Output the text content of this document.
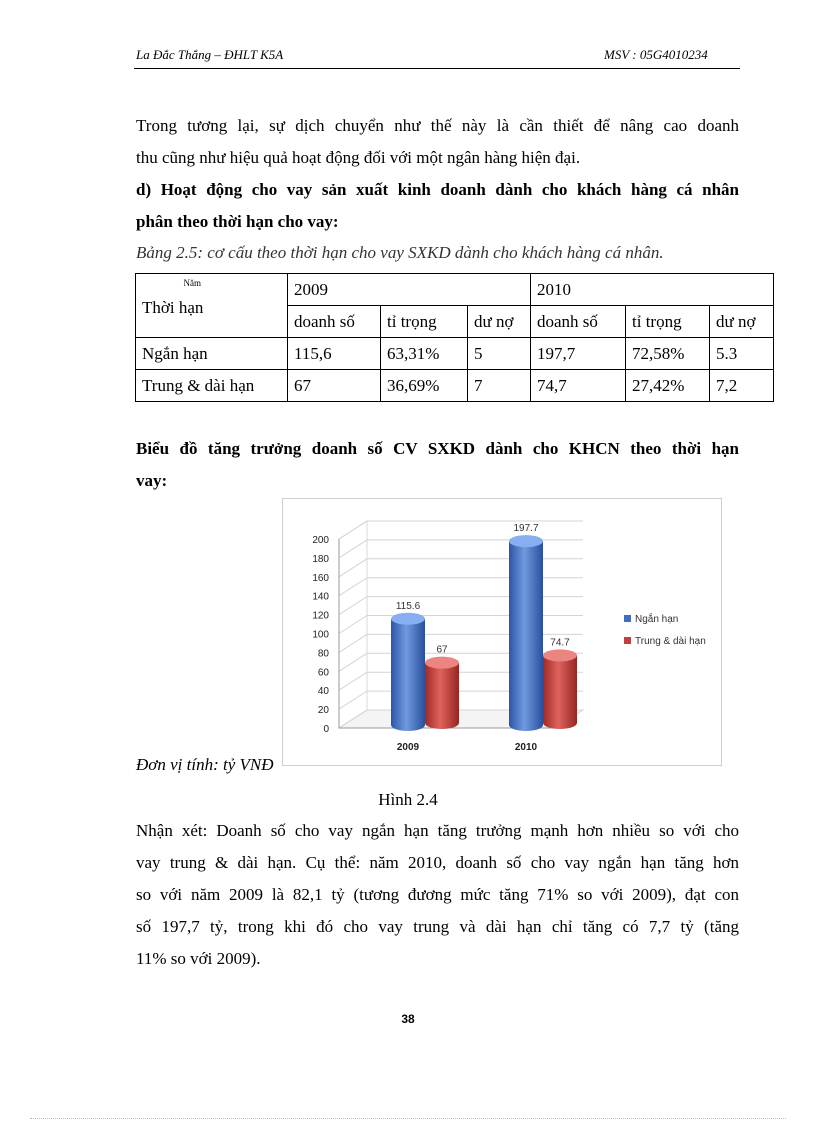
La Đắc Thắng – ĐHLT K5A	MSV : 05G4010234
Trong tương lại, sự dịch chuyển như thế này là cần thiết để nâng cao doanh
thu cũng như hiệu quả hoạt động đối với một ngân hàng hiện đại.
d) Hoạt động cho vay sản xuất kinh doanh dành cho khách hàng cá nhân
phân theo thời hạn cho vay:
Bảng 2.5: cơ cấu theo thời hạn cho vay SXKD dành cho khách hàng cá nhân.
Năm
Thời hạn	2009			2010		
	doanh số	tỉ trọng	dư nợ	doanh số	tỉ trọng	dư nợ
Ngắn hạn	115,6	63,31%	5	197,7	72,58%	5.3
Trung & dài hạn	67	36,69%	7	74,7	27,42%	7,2
Biểu đồ tăng trưởng doanh số CV SXKD dành cho KHCN theo thời hạn
vay:
0
20
40
60
80
100
120
140
160
180
200
115.6
197.7
67
74.7
2009	2010
Ngắn hạn
Trung & dài hạn
Đơn vị tính: tỷ VNĐ
Hình 2.4
Nhận xét: Doanh số cho vay ngắn hạn tăng trưởng mạnh hơn nhiều so với cho
vay trung & dài hạn. Cụ thể: năm 2010, doanh số cho vay ngắn hạn tăng hơn
so với năm 2009 là 82,1 tỷ (tương đương mức tăng 71% so với 2009), đạt con
số 197,7 tỷ, trong khi đó cho vay trung và dài hạn chỉ tăng có 7,7 tỷ (tăng
11% so với 2009).
38
